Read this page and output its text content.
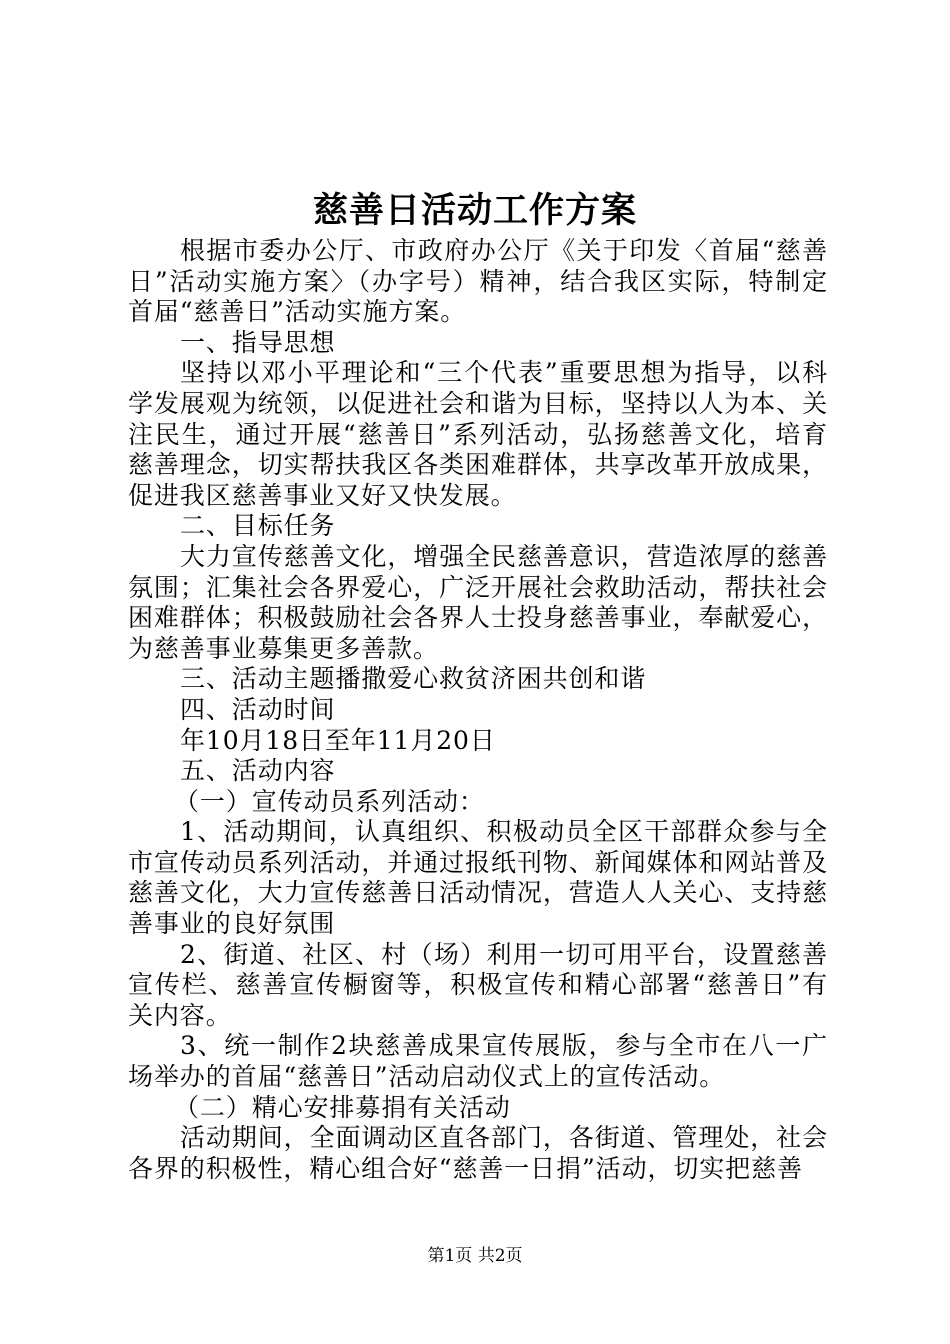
慈善日活动工作方案

根据市委办公厅、市政府办公厅《关于印发〈首届“慈善日”活动实施方案〉（办字号）精神，结合我区实际，特制定首届“慈善日”活动实施方案。

一、指导思想

坚持以邓小平理论和“三个代表”重要思想为指导，以科学发展观为统领，以促进社会和谐为目标，坚持以人为本、关注民生，通过开展“慈善日”系列活动，弘扬慈善文化，培育慈善理念，切实帮扶我区各类困难群体，共享改革开放成果，促进我区慈善事业又好又快发展。

二、目标任务

大力宣传慈善文化，增强全民慈善意识，营造浓厚的慈善氛围；汇集社会各界爱心，广泛开展社会救助活动，帮扶社会困难群体；积极鼓励社会各界人士投身慈善事业，奉献爱心，为慈善事业募集更多善款。

三、活动主题播撒爱心救贫济困共创和谐

四、活动时间

年10月18日至年11月20日

五、活动内容

（一）宣传动员系列活动：

1、活动期间，认真组织、积极动员全区干部群众参与全市宣传动员系列活动，并通过报纸刊物、新闻媒体和网站普及慈善文化，大力宣传慈善日活动情况，营造人人关心、支持慈善事业的良好氛围

2、街道、社区、村（场）利用一切可用平台，设置慈善宣传栏、慈善宣传橱窗等，积极宣传和精心部署“慈善日”有关内容。

3、统一制作2块慈善成果宣传展版，参与全市在八一广场举办的首届“慈善日”活动启动仪式上的宣传活动。

（二）精心安排募捐有关活动

活动期间，全面调动区直各部门，各街道、管理处，社会各界的积极性，精心组合好“慈善一日捐”活动，切实把慈善

第1页 共2页
